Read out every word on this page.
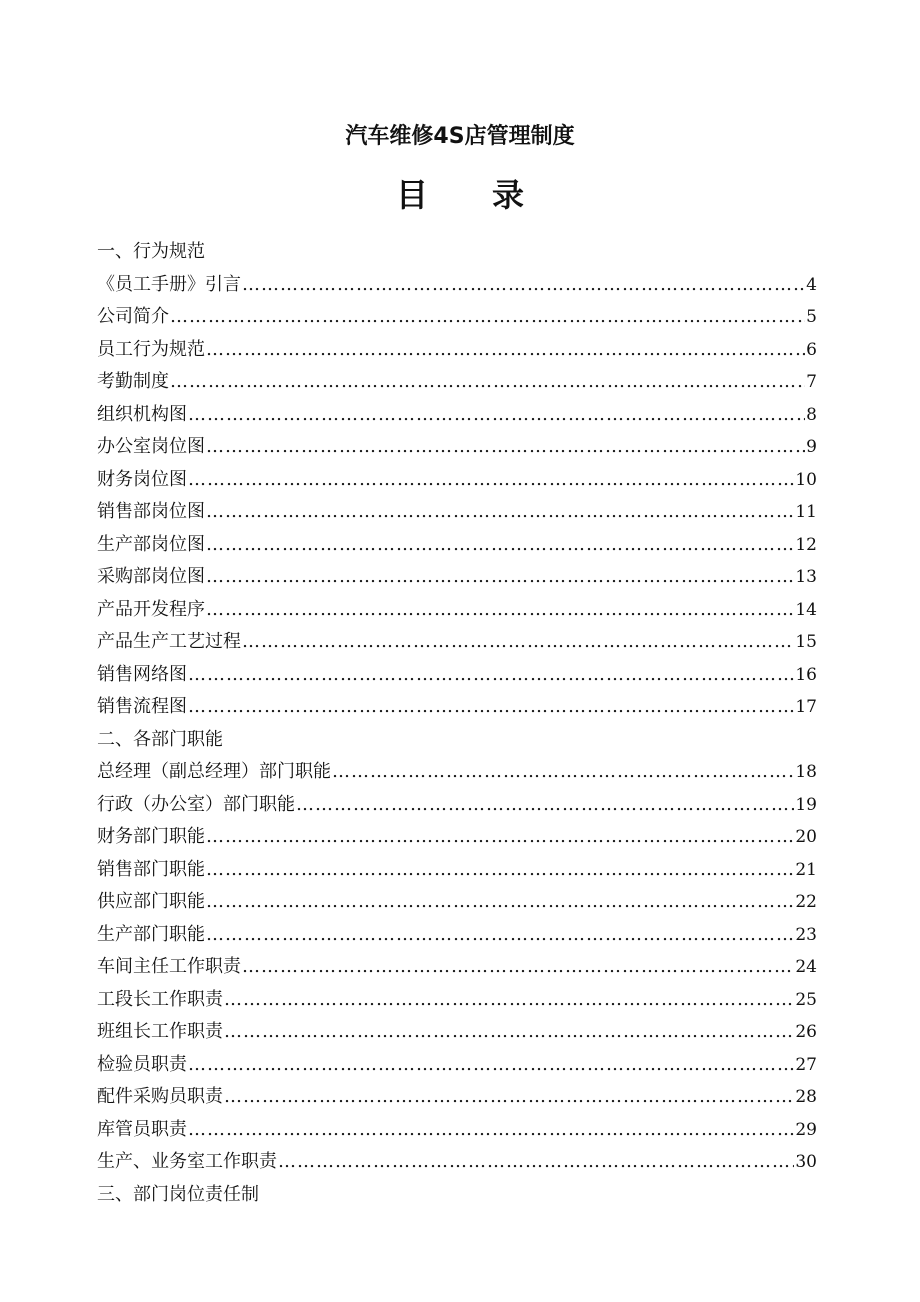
汽车维修4S店管理制度
目录
一、行为规范
《员工手册》引言 ……………………………………………………………………………………………………………………………………………………………………	4
公司简介 ……………………………………………………………………………………………………………………………………………………………………	5
员工行为规范 ……………………………………………………………………………………………………………………………………………………………………	6
考勤制度 ……………………………………………………………………………………………………………………………………………………………………	7
组织机构图 ……………………………………………………………………………………………………………………………………………………………………	8
办公室岗位图 ……………………………………………………………………………………………………………………………………………………………………	9
财务岗位图 ……………………………………………………………………………………………………………………………………………………………………	10
销售部岗位图 ……………………………………………………………………………………………………………………………………………………………………	11
生产部岗位图 ……………………………………………………………………………………………………………………………………………………………………	12
采购部岗位图 ……………………………………………………………………………………………………………………………………………………………………	13
产品开发程序 ……………………………………………………………………………………………………………………………………………………………………	14
产品生产工艺过程 ……………………………………………………………………………………………………………………………………………………………………	15
销售网络图 ……………………………………………………………………………………………………………………………………………………………………	16
销售流程图 ……………………………………………………………………………………………………………………………………………………………………	17
二、各部门职能
总经理（副总经理）部门职能 ……………………………………………………………………………………………………………………………………………………………………	18
行政（办公室）部门职能 ……………………………………………………………………………………………………………………………………………………………………	19
财务部门职能 ……………………………………………………………………………………………………………………………………………………………………	20
销售部门职能 ……………………………………………………………………………………………………………………………………………………………………	21
供应部门职能 ……………………………………………………………………………………………………………………………………………………………………	22
生产部门职能 ……………………………………………………………………………………………………………………………………………………………………	23
车间主任工作职责 ……………………………………………………………………………………………………………………………………………………………………	24
工段长工作职责 ……………………………………………………………………………………………………………………………………………………………………	25
班组长工作职责 ……………………………………………………………………………………………………………………………………………………………………	26
检验员职责 ……………………………………………………………………………………………………………………………………………………………………	27
配件采购员职责 ……………………………………………………………………………………………………………………………………………………………………	28
库管员职责 ……………………………………………………………………………………………………………………………………………………………………	29
生产、业务室工作职责 ……………………………………………………………………………………………………………………………………………………………………	30
三、部门岗位责任制
